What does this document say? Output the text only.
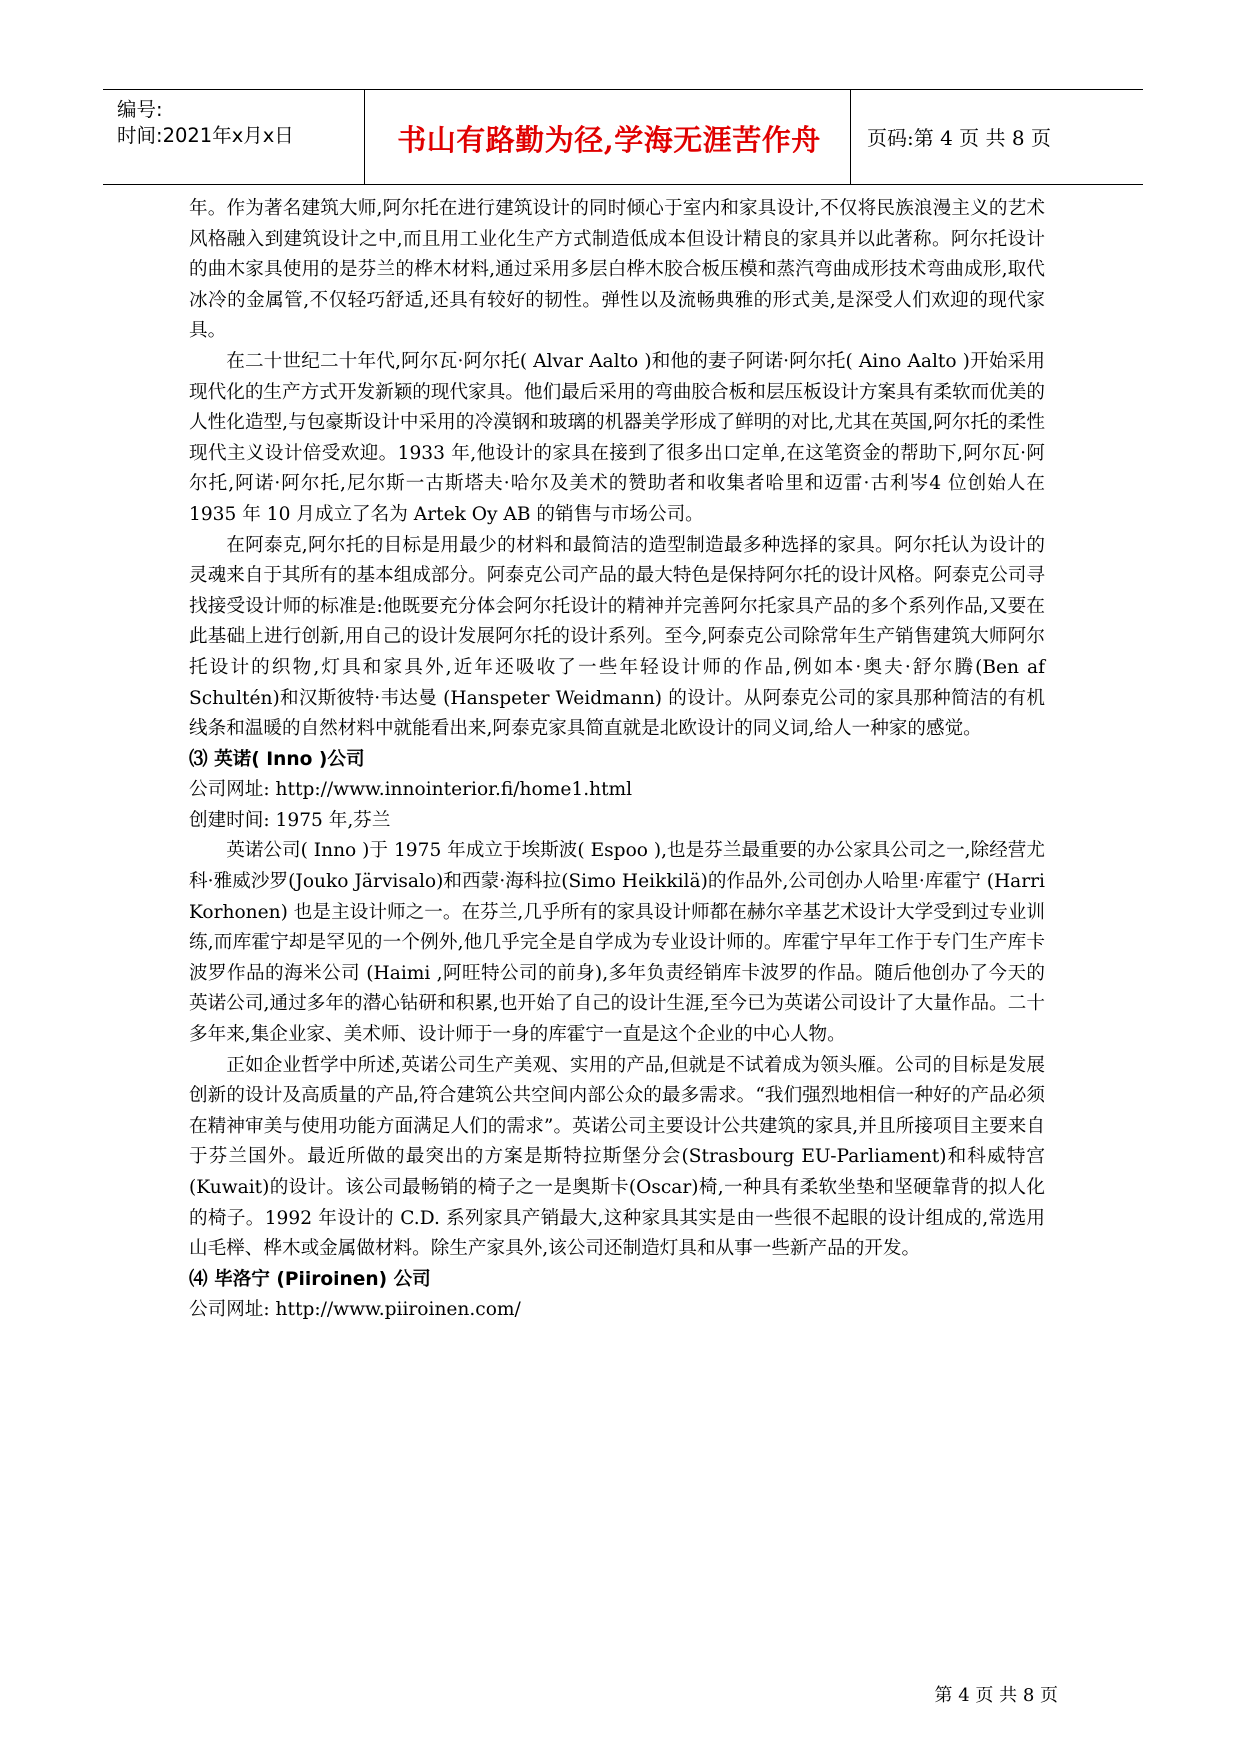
编号:
时间:2021年x月x日	书山有路勤为径,学海无涯苦作舟	页码:第 4 页 共 8 页

年。作为著名建筑大师,阿尔托在进行建筑设计的同时倾心于室内和家具设计,不仅将民族浪漫主义的艺术风格融入到建筑设计之中,而且用工业化生产方式制造低成本但设计精良的家具并以此著称。阿尔托设计的曲木家具使用的是芬兰的桦木材料,通过采用多层白桦木胶合板压模和蒸汽弯曲成形技术弯曲成形,取代冰冷的金属管,不仅轻巧舒适,还具有较好的韧性。弹性以及流畅典雅的形式美,是深受人们欢迎的现代家具。

在二十世纪二十年代,阿尔瓦·阿尔托( Alvar Aalto )和他的妻子阿诺·阿尔托( Aino Aalto )开始采用现代化的生产方式开发新颖的现代家具。他们最后采用的弯曲胶合板和层压板设计方案具有柔软而优美的人性化造型,与包豪斯设计中采用的冷漠钢和玻璃的机器美学形成了鲜明的对比,尤其在英国,阿尔托的柔性现代主义设计倍受欢迎。1933 年,他设计的家具在接到了很多出口定单,在这笔资金的帮助下,阿尔瓦·阿尔托,阿诺·阿尔托,尼尔斯一古斯塔夫·哈尔及美术的赞助者和收集者哈里和迈雷·古利岑4 位创始人在 1935 年 10 月成立了名为 Artek Oy AB 的销售与市场公司。

在阿泰克,阿尔托的目标是用最少的材料和最简洁的造型制造最多种选择的家具。阿尔托认为设计的灵魂来自于其所有的基本组成部分。阿泰克公司产品的最大特色是保持阿尔托的设计风格。阿泰克公司寻找接受设计师的标准是:他既要充分体会阿尔托设计的精神并完善阿尔托家具产品的多个系列作品,又要在此基础上进行创新,用自己的设计发展阿尔托的设计系列。至今,阿泰克公司除常年生产销售建筑大师阿尔托设计的织物,灯具和家具外,近年还吸收了一些年轻设计师的作品,例如本·奥夫·舒尔腾(Ben af Schultén)和汉斯彼特·韦达曼 (Hanspeter Weidmann) 的设计。从阿泰克公司的家具那种简洁的有机线条和温暖的自然材料中就能看出来,阿泰克家具简直就是北欧设计的同义词,给人一种家的感觉。

⑶ 英诺( Inno )公司

公司网址: http://www.innointerior.fi/home1.html

创建时间: 1975 年,芬兰

英诺公司( Inno )于 1975 年成立于埃斯波( Espoo ),也是芬兰最重要的办公家具公司之一,除经营尤科·雅威沙罗(Jouko Järvisalo)和西蒙·海科拉(Simo Heikkilä)的作品外,公司创办人哈里·库霍宁 (Harri Korhonen) 也是主设计师之一。在芬兰,几乎所有的家具设计师都在赫尔辛基艺术设计大学受到过专业训练,而库霍宁却是罕见的一个例外,他几乎完全是自学成为专业设计师的。库霍宁早年工作于专门生产库卡波罗作品的海米公司 (Haimi ,阿旺特公司的前身),多年负责经销库卡波罗的作品。随后他创办了今天的英诺公司,通过多年的潜心钻研和积累,也开始了自己的设计生涯,至今已为英诺公司设计了大量作品。二十多年来,集企业家、美术师、设计师于一身的库霍宁一直是这个企业的中心人物。

正如企业哲学中所述,英诺公司生产美观、实用的产品,但就是不试着成为领头雁。公司的目标是发展创新的设计及高质量的产品,符合建筑公共空间内部公众的最多需求。“我们强烈地相信一种好的产品必须在精神审美与使用功能方面满足人们的需求”。英诺公司主要设计公共建筑的家具,并且所接项目主要来自于芬兰国外。最近所做的最突出的方案是斯特拉斯堡分会(Strasbourg EU-Parliament)和科威特宫(Kuwait)的设计。该公司最畅销的椅子之一是奥斯卡(Oscar)椅,一种具有柔软坐垫和坚硬靠背的拟人化的椅子。1992 年设计的 C.D. 系列家具产销最大,这种家具其实是由一些很不起眼的设计组成的,常选用山毛榉、桦木或金属做材料。除生产家具外,该公司还制造灯具和从事一些新产品的开发。

⑷ 毕洛宁 (Piiroinen) 公司

公司网址: http://www.piiroinen.com/

第 4 页 共 8 页
